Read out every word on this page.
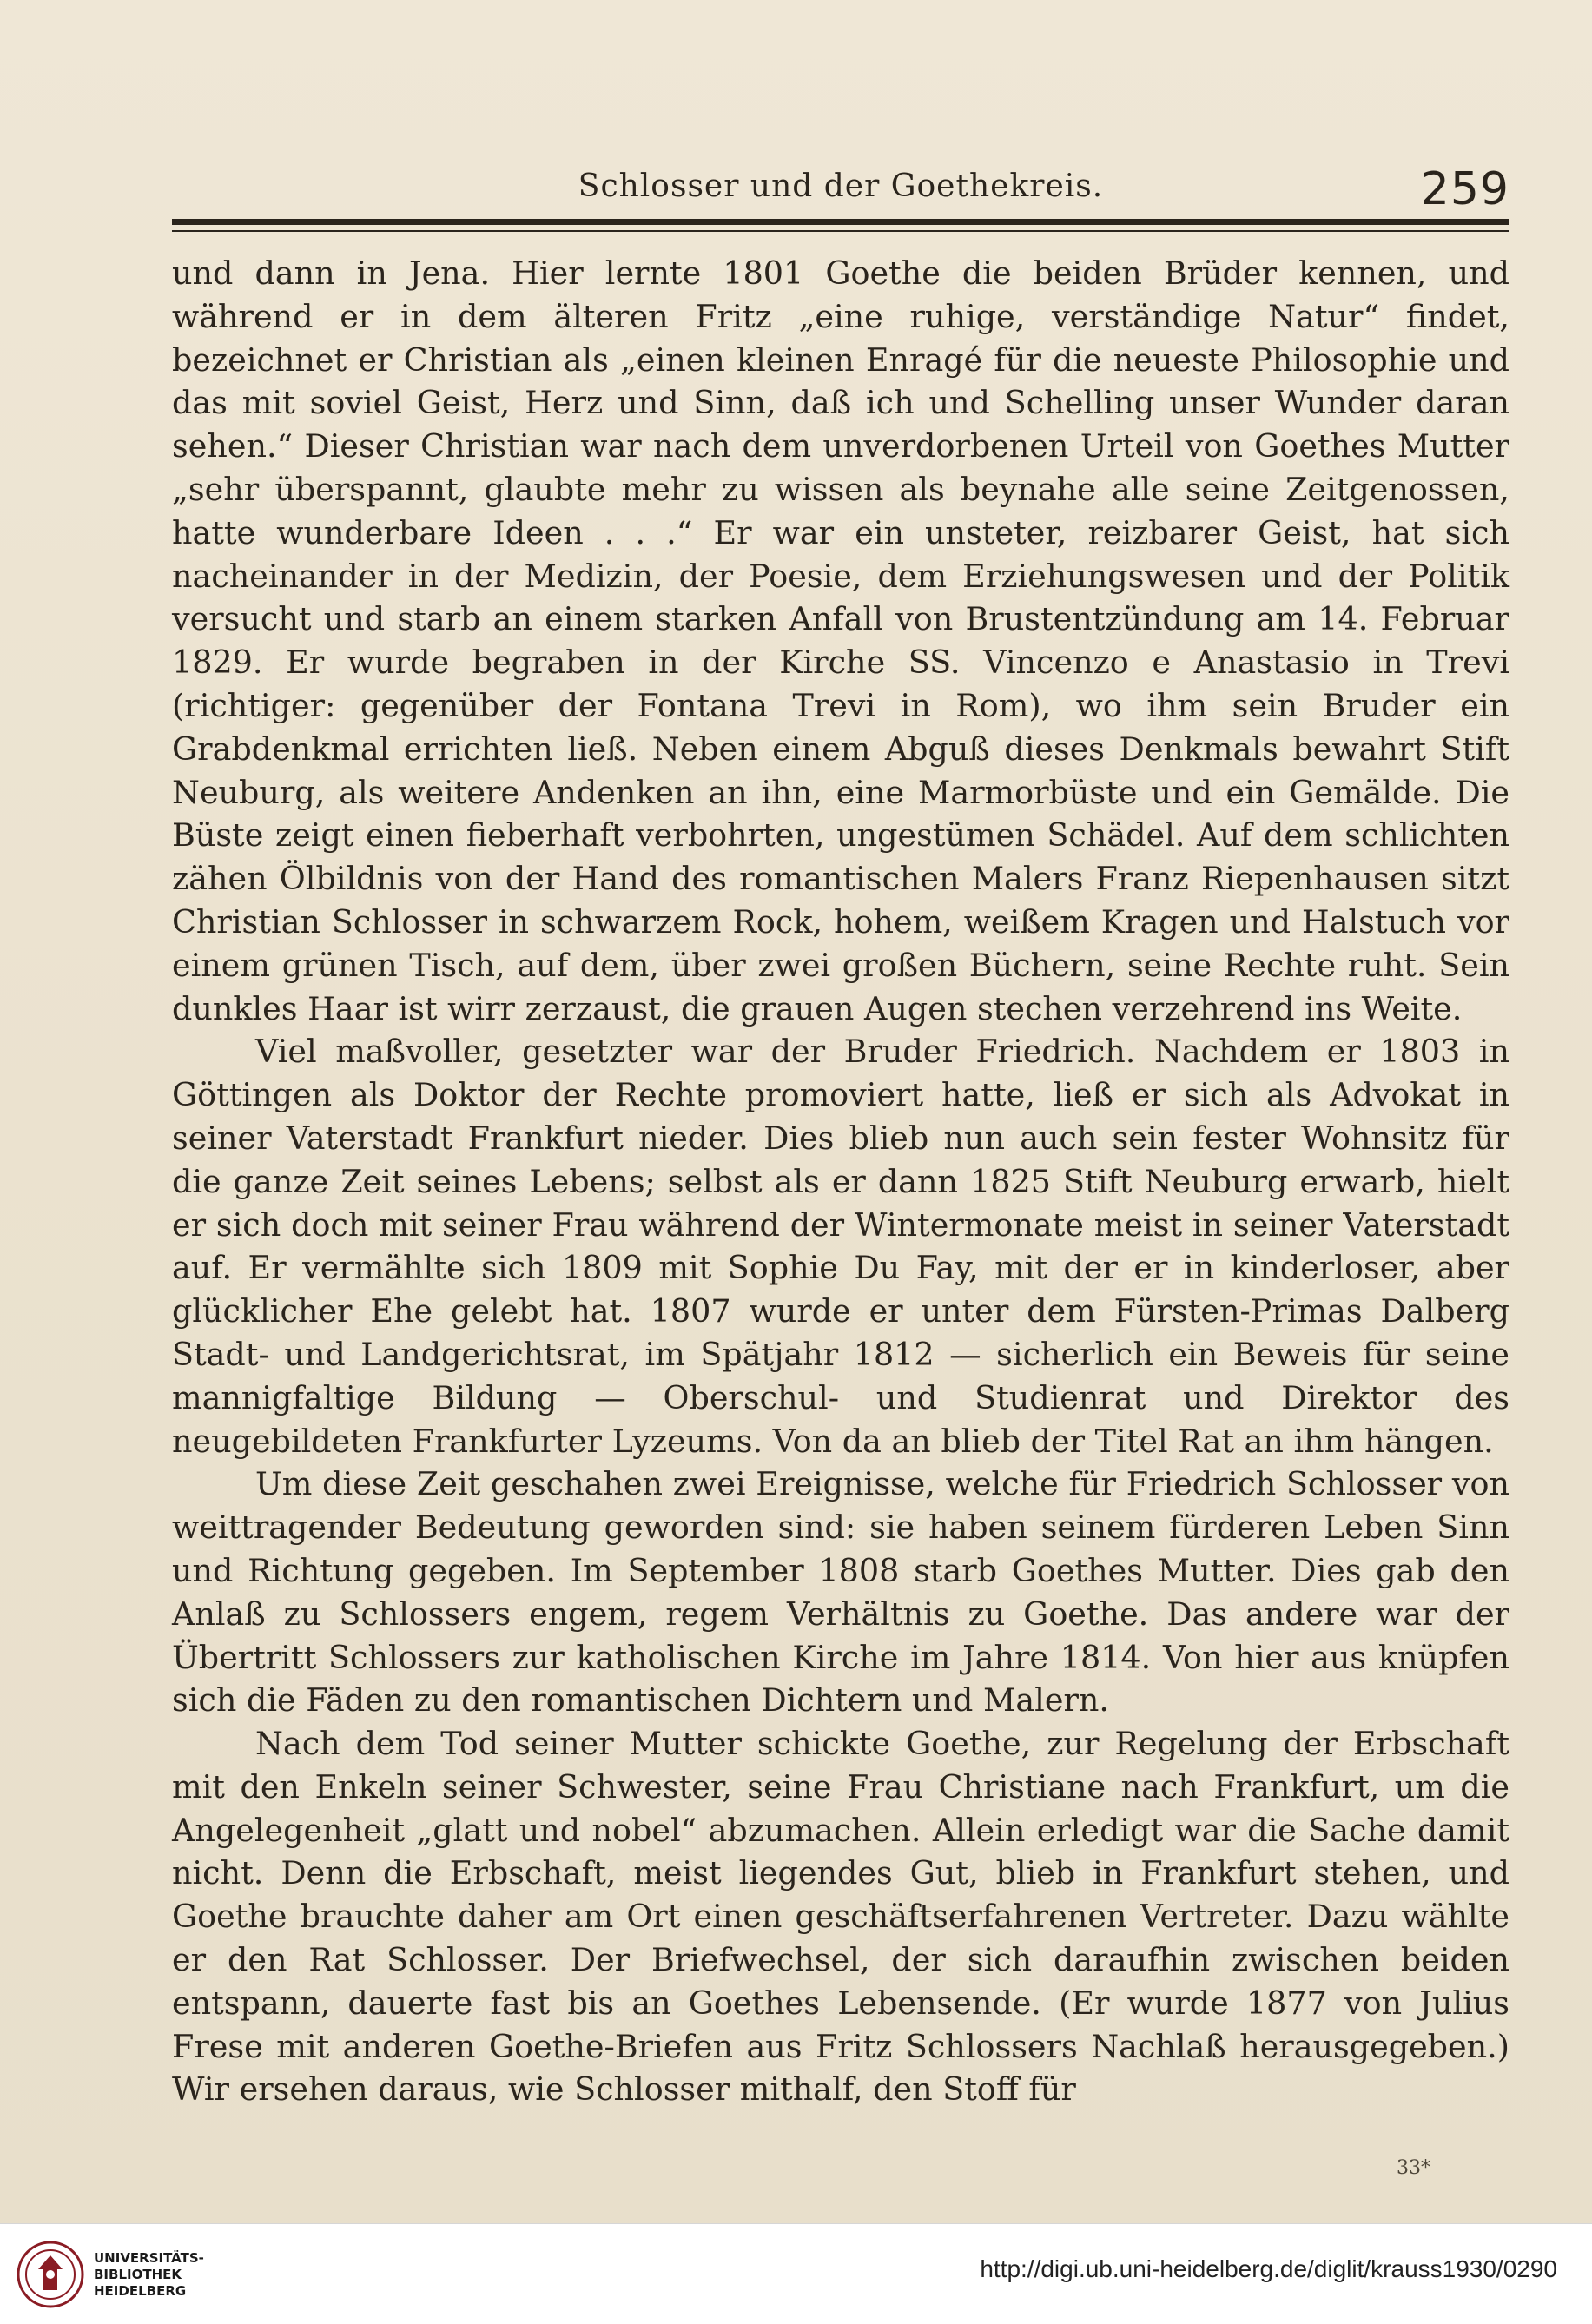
Schlosser und der Goethekreis.	259

und dann in Jena. Hier lernte 1801 Goethe die beiden Brüder kennen, und während er in dem älteren Fritz „eine ruhige, verständige Natur“ findet, bezeichnet er Christian als „einen kleinen Enragé für die neueste Philosophie und das mit soviel Geist, Herz und Sinn, daß ich und Schelling unser Wunder daran sehen.“ Dieser Christian war nach dem unverdorbenen Urteil von Goethes Mutter „sehr überspannt, glaubte mehr zu wissen als beynahe alle seine Zeitgenossen, hatte wunderbare Ideen . . .“ Er war ein unsteter, reizbarer Geist, hat sich nacheinander in der Medizin, der Poesie, dem Erziehungswesen und der Politik versucht und starb an einem starken Anfall von Brustentzündung am 14. Februar 1829. Er wurde begraben in der Kirche SS. Vincenzo e Anastasio in Trevi (richtiger: gegenüber der Fontana Trevi in Rom), wo ihm sein Bruder ein Grabdenkmal errichten ließ. Neben einem Abguß dieses Denkmals bewahrt Stift Neuburg, als weitere Andenken an ihn, eine Marmorbüste und ein Gemälde. Die Büste zeigt einen fieberhaft verbohrten, ungestümen Schädel. Auf dem schlichten zähen Ölbildnis von der Hand des romantischen Malers Franz Riepenhausen sitzt Christian Schlosser in schwarzem Rock, hohem, weißem Kragen und Halstuch vor einem grünen Tisch, auf dem, über zwei großen Büchern, seine Rechte ruht. Sein dunkles Haar ist wirr zerzaust, die grauen Augen stechen verzehrend ins Weite.

Viel maßvoller, gesetzter war der Bruder Friedrich. Nachdem er 1803 in Göttingen als Doktor der Rechte promoviert hatte, ließ er sich als Advokat in seiner Vaterstadt Frankfurt nieder. Dies blieb nun auch sein fester Wohnsitz für die ganze Zeit seines Lebens; selbst als er dann 1825 Stift Neuburg erwarb, hielt er sich doch mit seiner Frau während der Wintermonate meist in seiner Vaterstadt auf. Er vermählte sich 1809 mit Sophie Du Fay, mit der er in kinderloser, aber glücklicher Ehe gelebt hat. 1807 wurde er unter dem Fürsten-Primas Dalberg Stadt- und Landgerichtsrat, im Spätjahr 1812 — sicherlich ein Beweis für seine mannigfaltige Bildung — Oberschul- und Studienrat und Direktor des neugebildeten Frankfurter Lyzeums. Von da an blieb der Titel Rat an ihm hängen.

Um diese Zeit geschahen zwei Ereignisse, welche für Friedrich Schlosser von weittragender Bedeutung geworden sind: sie haben seinem fürderen Leben Sinn und Richtung gegeben. Im September 1808 starb Goethes Mutter. Dies gab den Anlaß zu Schlossers engem, regem Verhältnis zu Goethe. Das andere war der Übertritt Schlossers zur katholischen Kirche im Jahre 1814. Von hier aus knüpfen sich die Fäden zu den romantischen Dichtern und Malern.

Nach dem Tod seiner Mutter schickte Goethe, zur Regelung der Erbschaft mit den Enkeln seiner Schwester, seine Frau Christiane nach Frankfurt, um die Angelegenheit „glatt und nobel“ abzumachen. Allein erledigt war die Sache damit nicht. Denn die Erbschaft, meist liegendes Gut, blieb in Frankfurt stehen, und Goethe brauchte daher am Ort einen geschäftserfahrenen Vertreter. Dazu wählte er den Rat Schlosser. Der Briefwechsel, der sich daraufhin zwischen beiden entspann, dauerte fast bis an Goethes Lebensende. (Er wurde 1877 von Julius Frese mit anderen Goethe-Briefen aus Fritz Schlossers Nachlaß herausgegeben.) Wir ersehen daraus, wie Schlosser mithalf, den Stoff für

33*
UNIVERSITÄTS-
BIBLIOTHEK
HEIDELBERG
http://digi.ub.uni-heidelberg.de/diglit/krauss1930/0290
